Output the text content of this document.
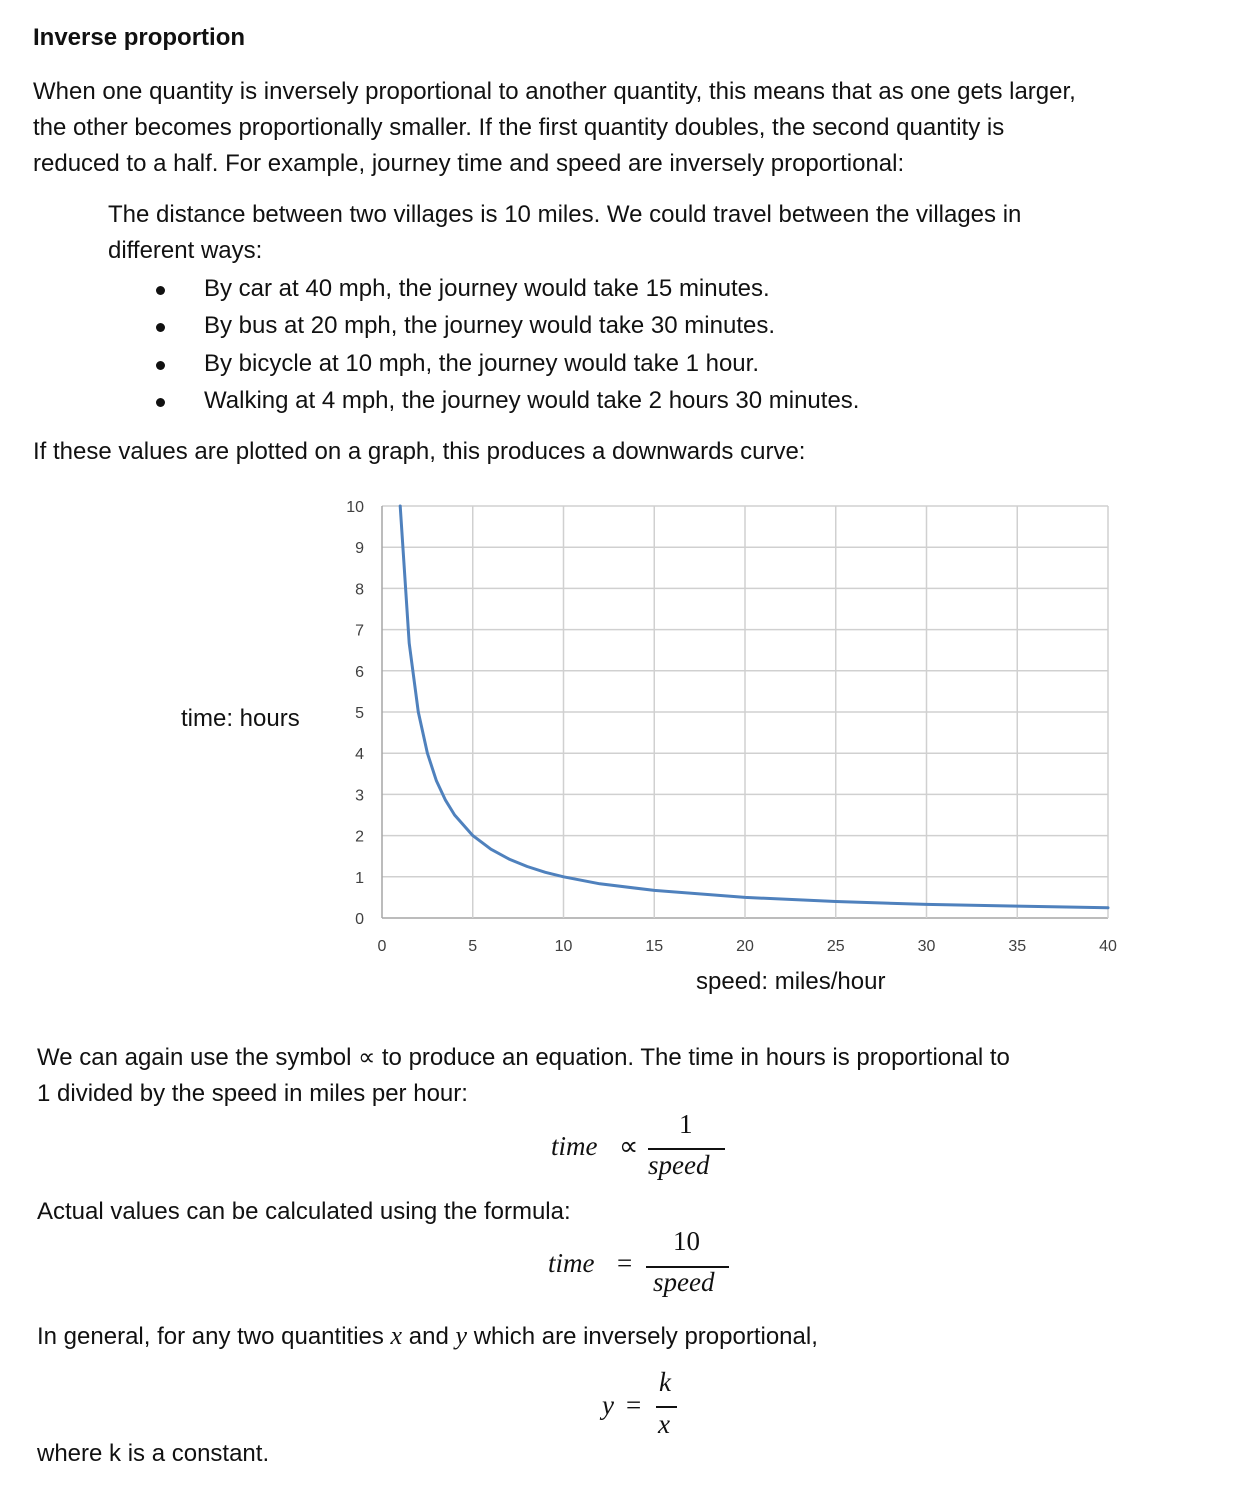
Inverse proportion
When one quantity is inversely proportional to another quantity, this means that as one gets larger,
the other becomes proportionally smaller. If the first quantity doubles, the second quantity is
reduced to a half. For example, journey time and speed are inversely proportional:
The distance between two villages is 10 miles. We could travel between the villages in
different ways:
By car at 40 mph, the journey would take 15 minutes.
By bus at 20 mph, the journey would take 30 minutes.
By bicycle at 10 mph, the journey would take 1 hour.
Walking at 4 mph, the journey would take 2 hours 30 minutes.
If these values are plotted on a graph, this produces a downwards curve:
time: hours
speed: miles/hour
0
1
2
3
4
5
6
7
8
9
10
0	5	10	15	20	25	30	35	40
We can again use the symbol ∝ to produce an equation. The time in hours is proportional to
1 divided by the speed in miles per hour:
time ∝
1
speed
Actual values can be calculated using the formula:
time =
10
speed
In general, for any two quantities x and y which are inversely proportional,
y =
k
x
where k is a constant.
